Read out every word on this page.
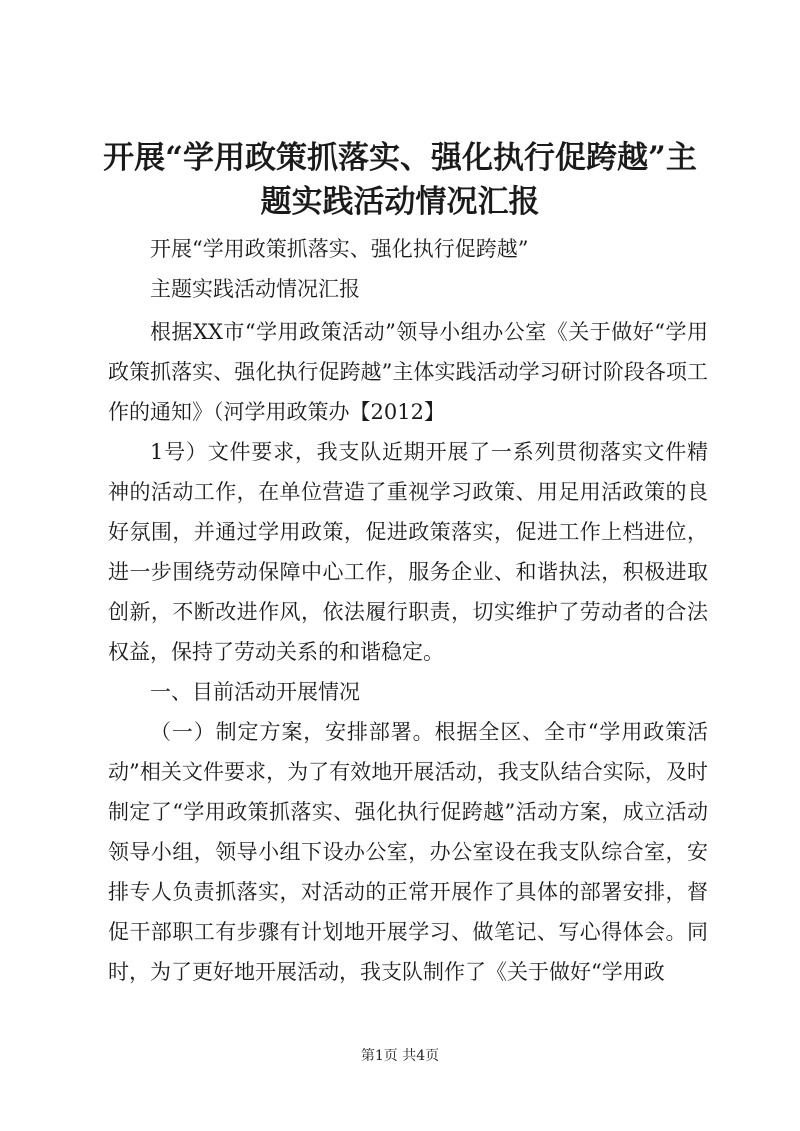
开展“学用政策抓落实、强化执行促跨越”主题实践活动情况汇报
开展“学用政策抓落实、强化执行促跨越”
主题实践活动情况汇报

根据XX市“学用政策活动”领导小组办公室《关于做好“学用政策抓落实、强化执行促跨越”主体实践活动学习研讨阶段各项工作的通知》（河学用政策办【2012】

1号）文件要求，我支队近期开展了一系列贯彻落实文件精神的活动工作，在单位营造了重视学习政策、用足用活政策的良好氛围，并通过学用政策，促进政策落实，促进工作上档进位，进一步围绕劳动保障中心工作，服务企业、和谐执法，积极进取创新，不断改进作风，依法履行职责，切实维护了劳动者的合法权益，保持了劳动关系的和谐稳定。

一、目前活动开展情况

（一）制定方案，安排部署。根据全区、全市“学用政策活动”相关文件要求，为了有效地开展活动，我支队结合实际，及时制定了“学用政策抓落实、强化执行促跨越”活动方案，成立活动领导小组，领导小组下设办公室，办公室设在我支队综合室，安排专人负责抓落实，对活动的正常开展作了具体的部署安排，督促干部职工有步骤有计划地开展学习、做笔记、写心得体会。同时，为了更好地开展活动，我支队制作了《关于做好“学用政

第1页 共4页
